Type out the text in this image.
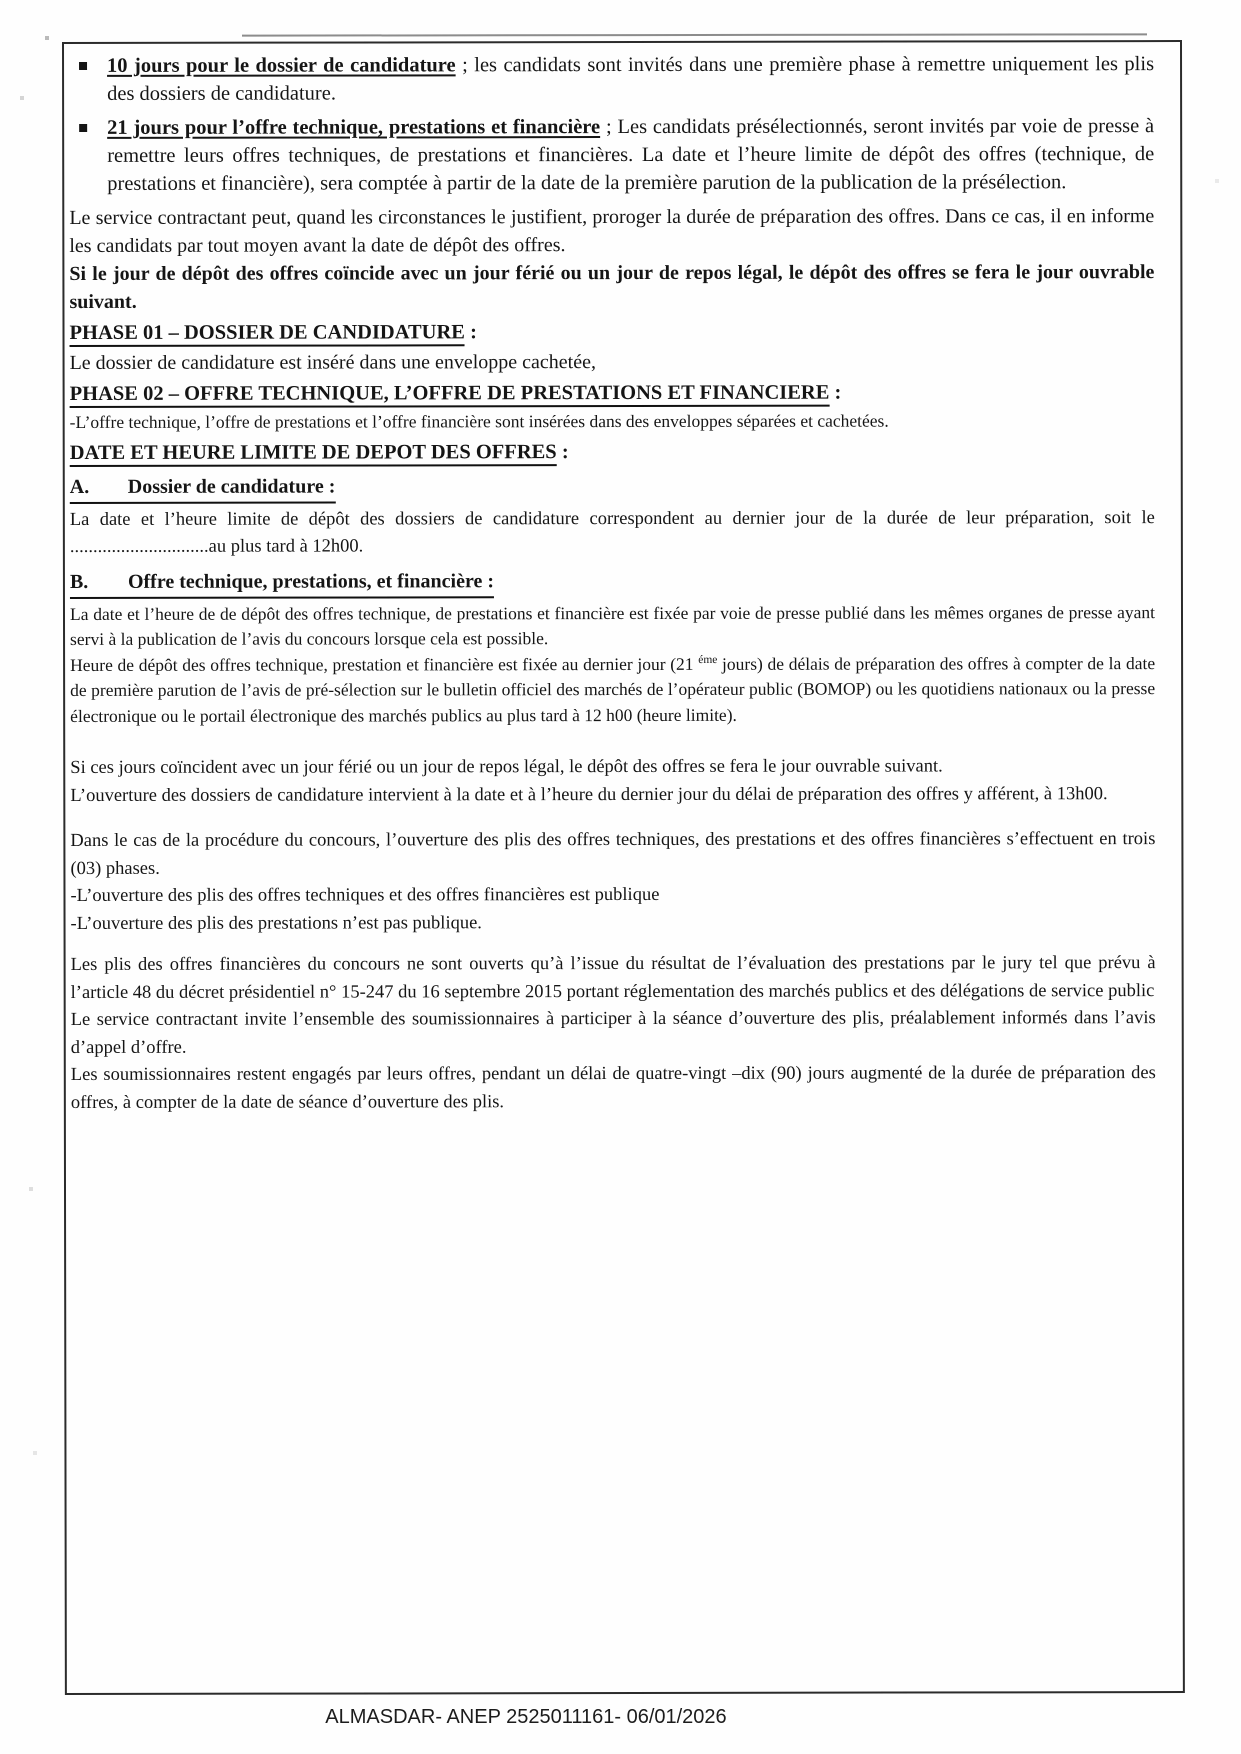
10 jours pour le dossier de candidature ; les candidats sont invités dans une première phase à remettre uniquement les plis des dossiers de candidature.
21 jours pour l’offre technique, prestations et financière ; Les candidats présélectionnés, seront invités par voie de presse à remettre leurs offres techniques, de prestations et financières. La date et l’heure limite de dépôt des offres (technique, de prestations et financière), sera comptée à partir de la date de la première parution de la publication de la présélection.

Le service contractant peut, quand les circonstances le justifient, proroger la durée de préparation des offres. Dans ce cas, il en informe les candidats par tout moyen avant la date de dépôt des offres.

Si le jour de dépôt des offres coïncide avec un jour férié ou un jour de repos légal, le dépôt des offres se fera le jour ouvrable suivant.

PHASE 01 – DOSSIER DE CANDIDATURE :

Le dossier de candidature est inséré dans une enveloppe cachetée,

PHASE 02 – OFFRE TECHNIQUE, L’OFFRE DE PRESTATIONS ET FINANCIERE :

-L’offre technique, l’offre de prestations et l’offre financière sont insérées dans des enveloppes séparées et cachetées.

DATE ET HEURE LIMITE DE DEPOT DES OFFRES :
A. Dossier de candidature :

La date et l’heure limite de dépôt des dossiers de candidature correspondent au dernier jour de la durée de leur préparation, soit le ..............................au plus tard à 12h00.

B. Offre technique, prestations, et financière :

La date et l’heure de de dépôt des offres technique, de prestations et financière est fixée par voie de presse publié dans les mêmes organes de presse ayant servi à la publication de l’avis du concours lorsque cela est possible.

Heure de dépôt des offres technique, prestation et financière est fixée au dernier jour (21 $^{éme}$ jours) de délais de préparation des offres à compter de la date de première parution de l’avis de pré-sélection sur le bulletin officiel des marchés de l’opérateur public (BOMOP) ou les quotidiens nationaux ou la presse électronique ou le portail électronique des marchés publics au plus tard à 12 h00 (heure limite).

Si ces jours coïncident avec un jour férié ou un jour de repos légal, le dépôt des offres se fera le jour ouvrable suivant.

L’ouverture des dossiers de candidature intervient à la date et à l’heure du dernier jour du délai de préparation des offres y afférent, à 13h00.

Dans le cas de la procédure du concours, l’ouverture des plis des offres techniques, des prestations et des offres financières s’effectuent en trois (03) phases.

-L’ouverture des plis des offres techniques et des offres financières est publique

-L’ouverture des plis des prestations n’est pas publique.

Les plis des offres financières du concours ne sont ouverts qu’à l’issue du résultat de l’évaluation des prestations par le jury tel que prévu à l’article 48 du décret présidentiel n° 15-247 du 16 septembre 2015 portant réglementation des marchés publics et des délégations de service public

Le service contractant invite l’ensemble des soumissionnaires à participer à la séance d’ouverture des plis, préalablement informés dans l’avis d’appel d’offre.

Les soumissionnaires restent engagés par leurs offres, pendant un délai de quatre-vingt –dix (90) jours augmenté de la durée de préparation des offres, à compter de la date de séance d’ouverture des plis.

ALMASDAR- ANEP 2525011161- 06/01/2026
